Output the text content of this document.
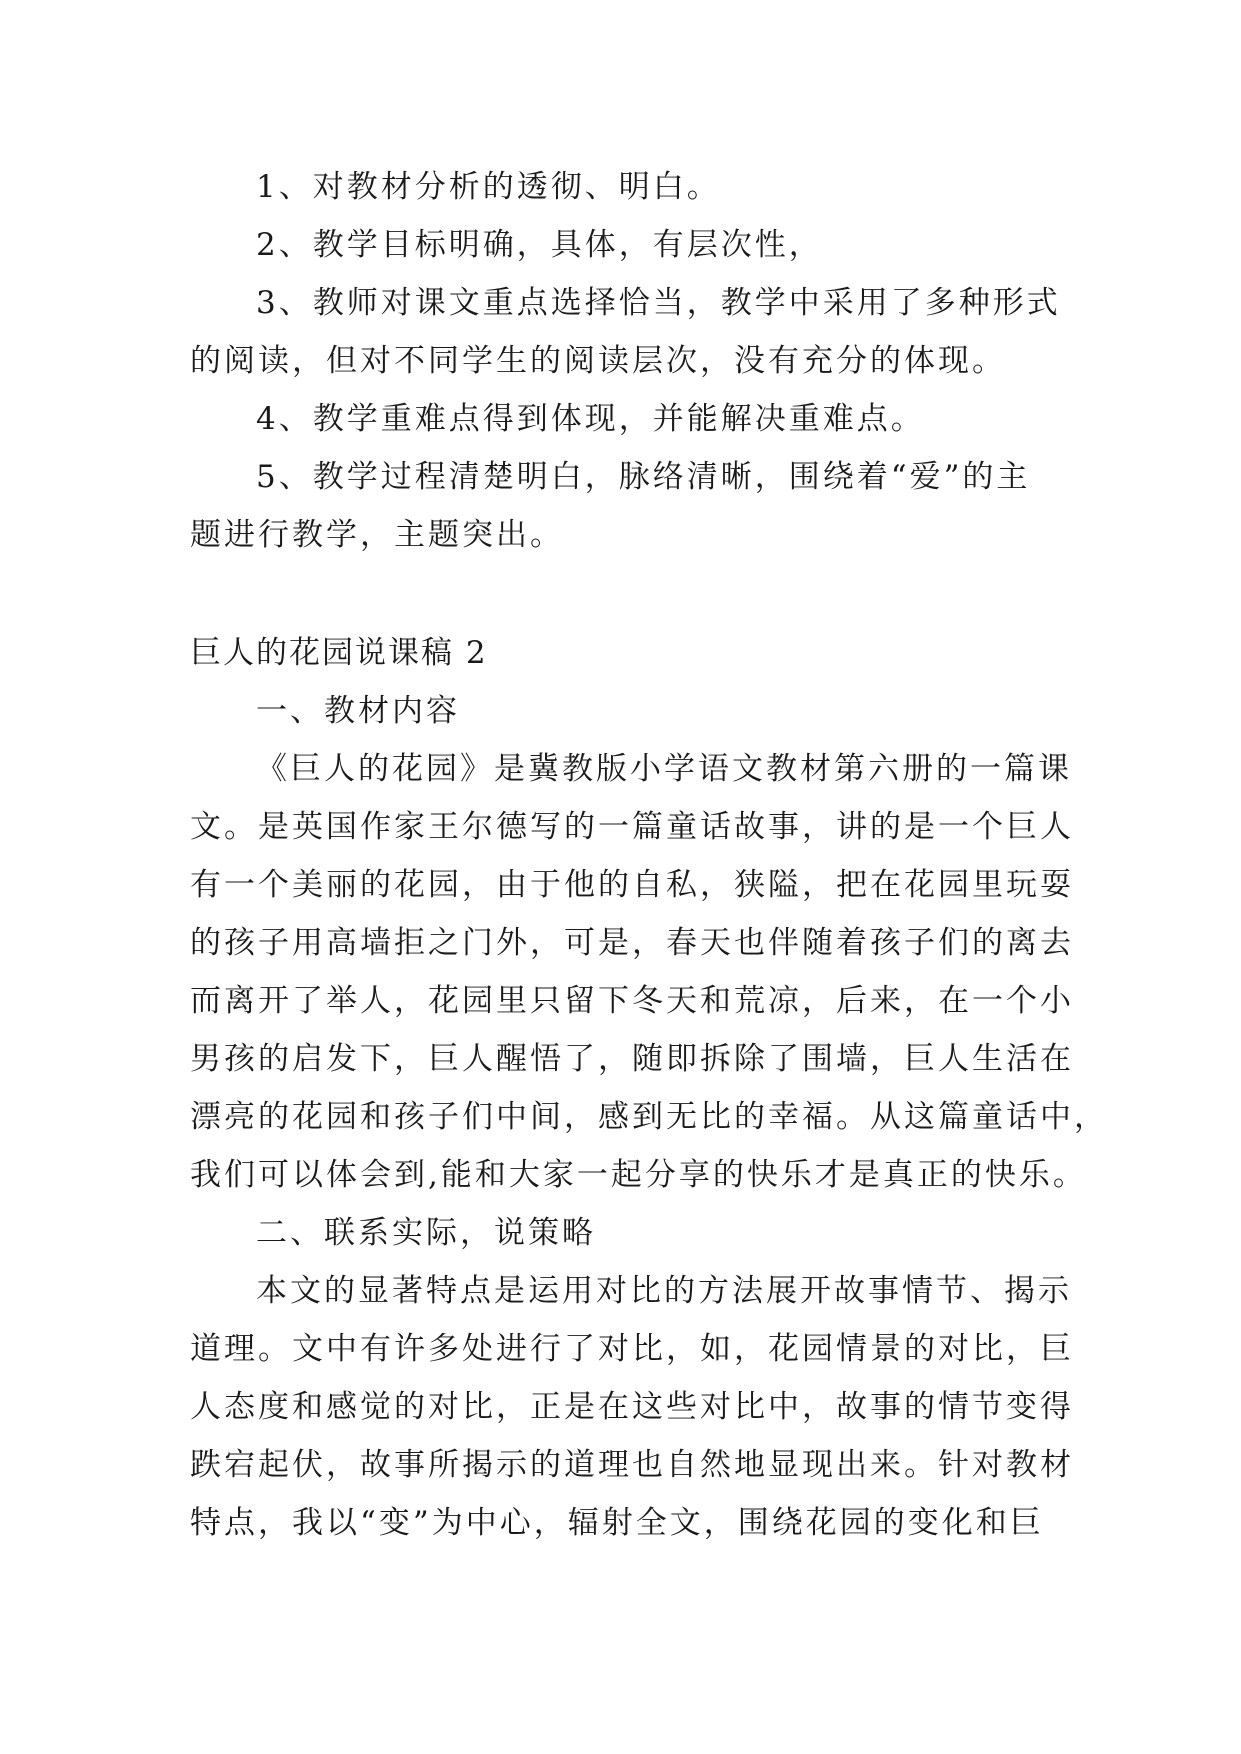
1、对教材分析的透彻、明白。
2、教学目标明确，具体，有层次性，
3、教师对课文重点选择恰当，教学中采用了多种形式
的阅读，但对不同学生的阅读层次，没有充分的体现。
4、教学重难点得到体现，并能解决重难点。
5、教学过程清楚明白，脉络清晰，围绕着“爱”的主
题进行教学，主题突出。
巨人的花园说课稿 2
一、教材内容
《巨人的花园》是冀教版小学语文教材第六册的一篇课
文。是英国作家王尔德写的一篇童话故事，讲的是一个巨人
有一个美丽的花园，由于他的自私，狭隘，把在花园里玩耍
的孩子用高墙拒之门外，可是，春天也伴随着孩子们的离去
而离开了举人，花园里只留下冬天和荒凉，后来，在一个小
男孩的启发下，巨人醒悟了，随即拆除了围墙，巨人生活在
漂亮的花园和孩子们中间，感到无比的幸福。从这篇童话中，
我们可以体会到,能和大家一起分享的快乐才是真正的快乐。
二、联系实际，说策略
本文的显著特点是运用对比的方法展开故事情节、揭示
道理。文中有许多处进行了对比，如，花园情景的对比，巨
人态度和感觉的对比，正是在这些对比中，故事的情节变得
跌宕起伏，故事所揭示的道理也自然地显现出来。针对教材
特点，我以“变”为中心，辐射全文，围绕花园的变化和巨
